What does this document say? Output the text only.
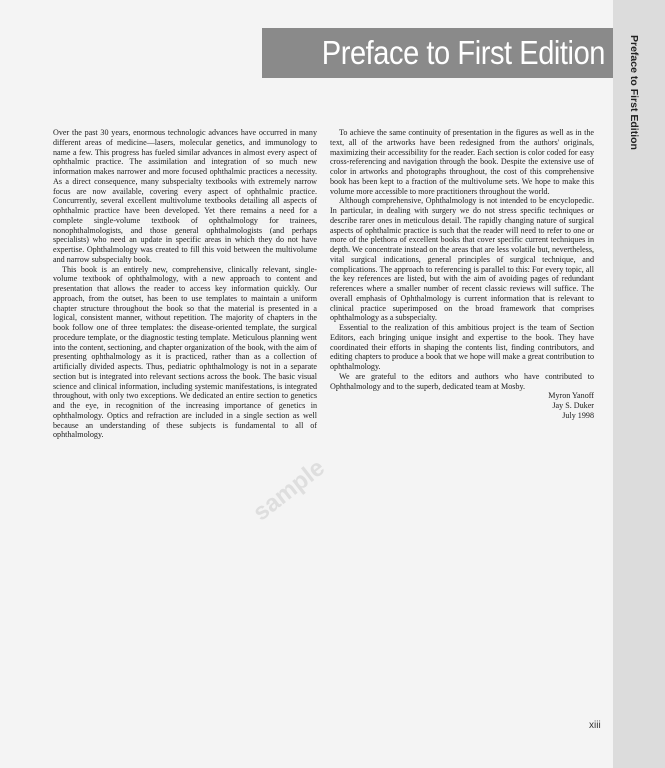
Preface to First Edition
Preface to First Edition

Over the past 30 years, enormous technologic advances have occurred in many different areas of medicine—lasers, molecular genetics, and immunology to name a few. This progress has fueled similar advances in almost every aspect of ophthalmic practice. The assimilation and integration of so much new information makes narrower and more focused ophthalmic practices a necessity. As a direct consequence, many subspecialty textbooks with extremely narrow focus are now available, covering every aspect of ophthalmic practice. Concurrently, several excellent multivolume textbooks detailing all aspects of ophthalmic practice have been developed. Yet there remains a need for a complete single-volume textbook of ophthalmology for trainees, nonophthalmologists, and those general ophthalmologists (and perhaps specialists) who need an update in specific areas in which they do not have expertise. Ophthalmology was created to fill this void between the multivolume and narrow subspecialty book.

This book is an entirely new, comprehensive, clinically relevant, single-volume textbook of ophthalmology, with a new approach to content and presentation that allows the reader to access key information quickly. Our approach, from the outset, has been to use templates to maintain a uniform chapter structure throughout the book so that the material is presented in a logical, consistent manner, without repetition. The majority of chapters in the book follow one of three templates: the disease-oriented template, the surgical procedure template, or the diagnostic testing template. Meticulous planning went into the content, sectioning, and chapter organization of the book, with the aim of presenting ophthalmology as it is practiced, rather than as a collection of artificially divided aspects. Thus, pediatric ophthalmology is not in a separate section but is integrated into relevant sections across the book. The basic visual science and clinical information, including systemic manifestations, is integrated throughout, with only two exceptions. We dedicated an entire section to genetics and the eye, in recognition of the increasing importance of genetics in ophthalmology. Optics and refraction are included in a single section as well because an understanding of these subjects is fundamental to all of ophthalmology.

To achieve the same continuity of presentation in the figures as well as in the text, all of the artworks have been redesigned from the authors' originals, maximizing their accessibility for the reader. Each section is color coded for easy cross-referencing and navigation through the book. Despite the extensive use of color in artworks and photographs throughout, the cost of this comprehensive book has been kept to a fraction of the multivolume sets. We hope to make this volume more accessible to more practitioners throughout the world.

Although comprehensive, Ophthalmology is not intended to be encyclopedic. In particular, in dealing with surgery we do not stress specific techniques or describe rarer ones in meticulous detail. The rapidly changing nature of surgical aspects of ophthalmic practice is such that the reader will need to refer to one or more of the plethora of excellent books that cover specific current techniques in depth. We concentrate instead on the areas that are less volatile but, nevertheless, vital surgical indications, general principles of surgical technique, and complications. The approach to referencing is parallel to this: For every topic, all the key references are listed, but with the aim of avoiding pages of redundant references where a smaller number of recent classic reviews will suffice. The overall emphasis of Ophthalmology is current information that is relevant to clinical practice superimposed on the broad framework that comprises ophthalmology as a subspecialty.

Essential to the realization of this ambitious project is the team of Section Editors, each bringing unique insight and expertise to the book. They have coordinated their efforts in shaping the contents list, finding contributors, and editing chapters to produce a book that we hope will make a great contribution to ophthalmology.

We are grateful to the editors and authors who have contributed to Ophthalmology and to the superb, dedicated team at Mosby.

Myron Yanoff
Jay S. Duker
July 1998
sample
xiii
